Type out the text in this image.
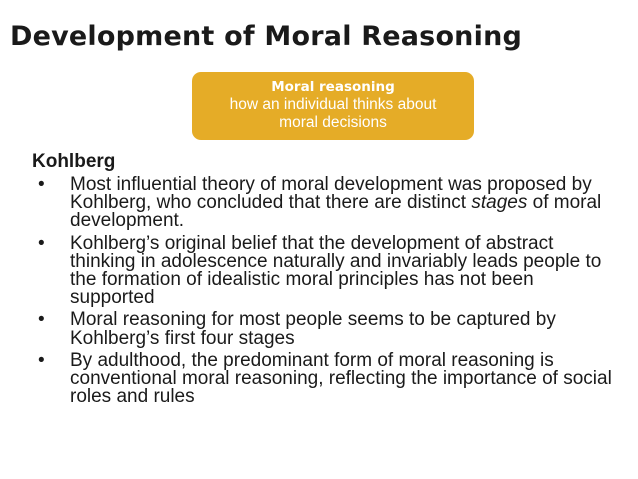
Development of Moral Reasoning
Moral reasoning
how an individual thinks about
moral decisions
Kohlberg
• Most influential theory of moral development was proposed by Kohlberg, who concluded that there are distinct stages of moral development.
• Kohlberg’s original belief that the development of abstract thinking in adolescence naturally and invariably leads people to the formation of idealistic moral principles has not been supported
• Moral reasoning for most people seems to be captured by Kohlberg’s first four stages
• By adulthood, the predominant form of moral reasoning is conventional moral reasoning, reflecting the importance of social roles and rules
